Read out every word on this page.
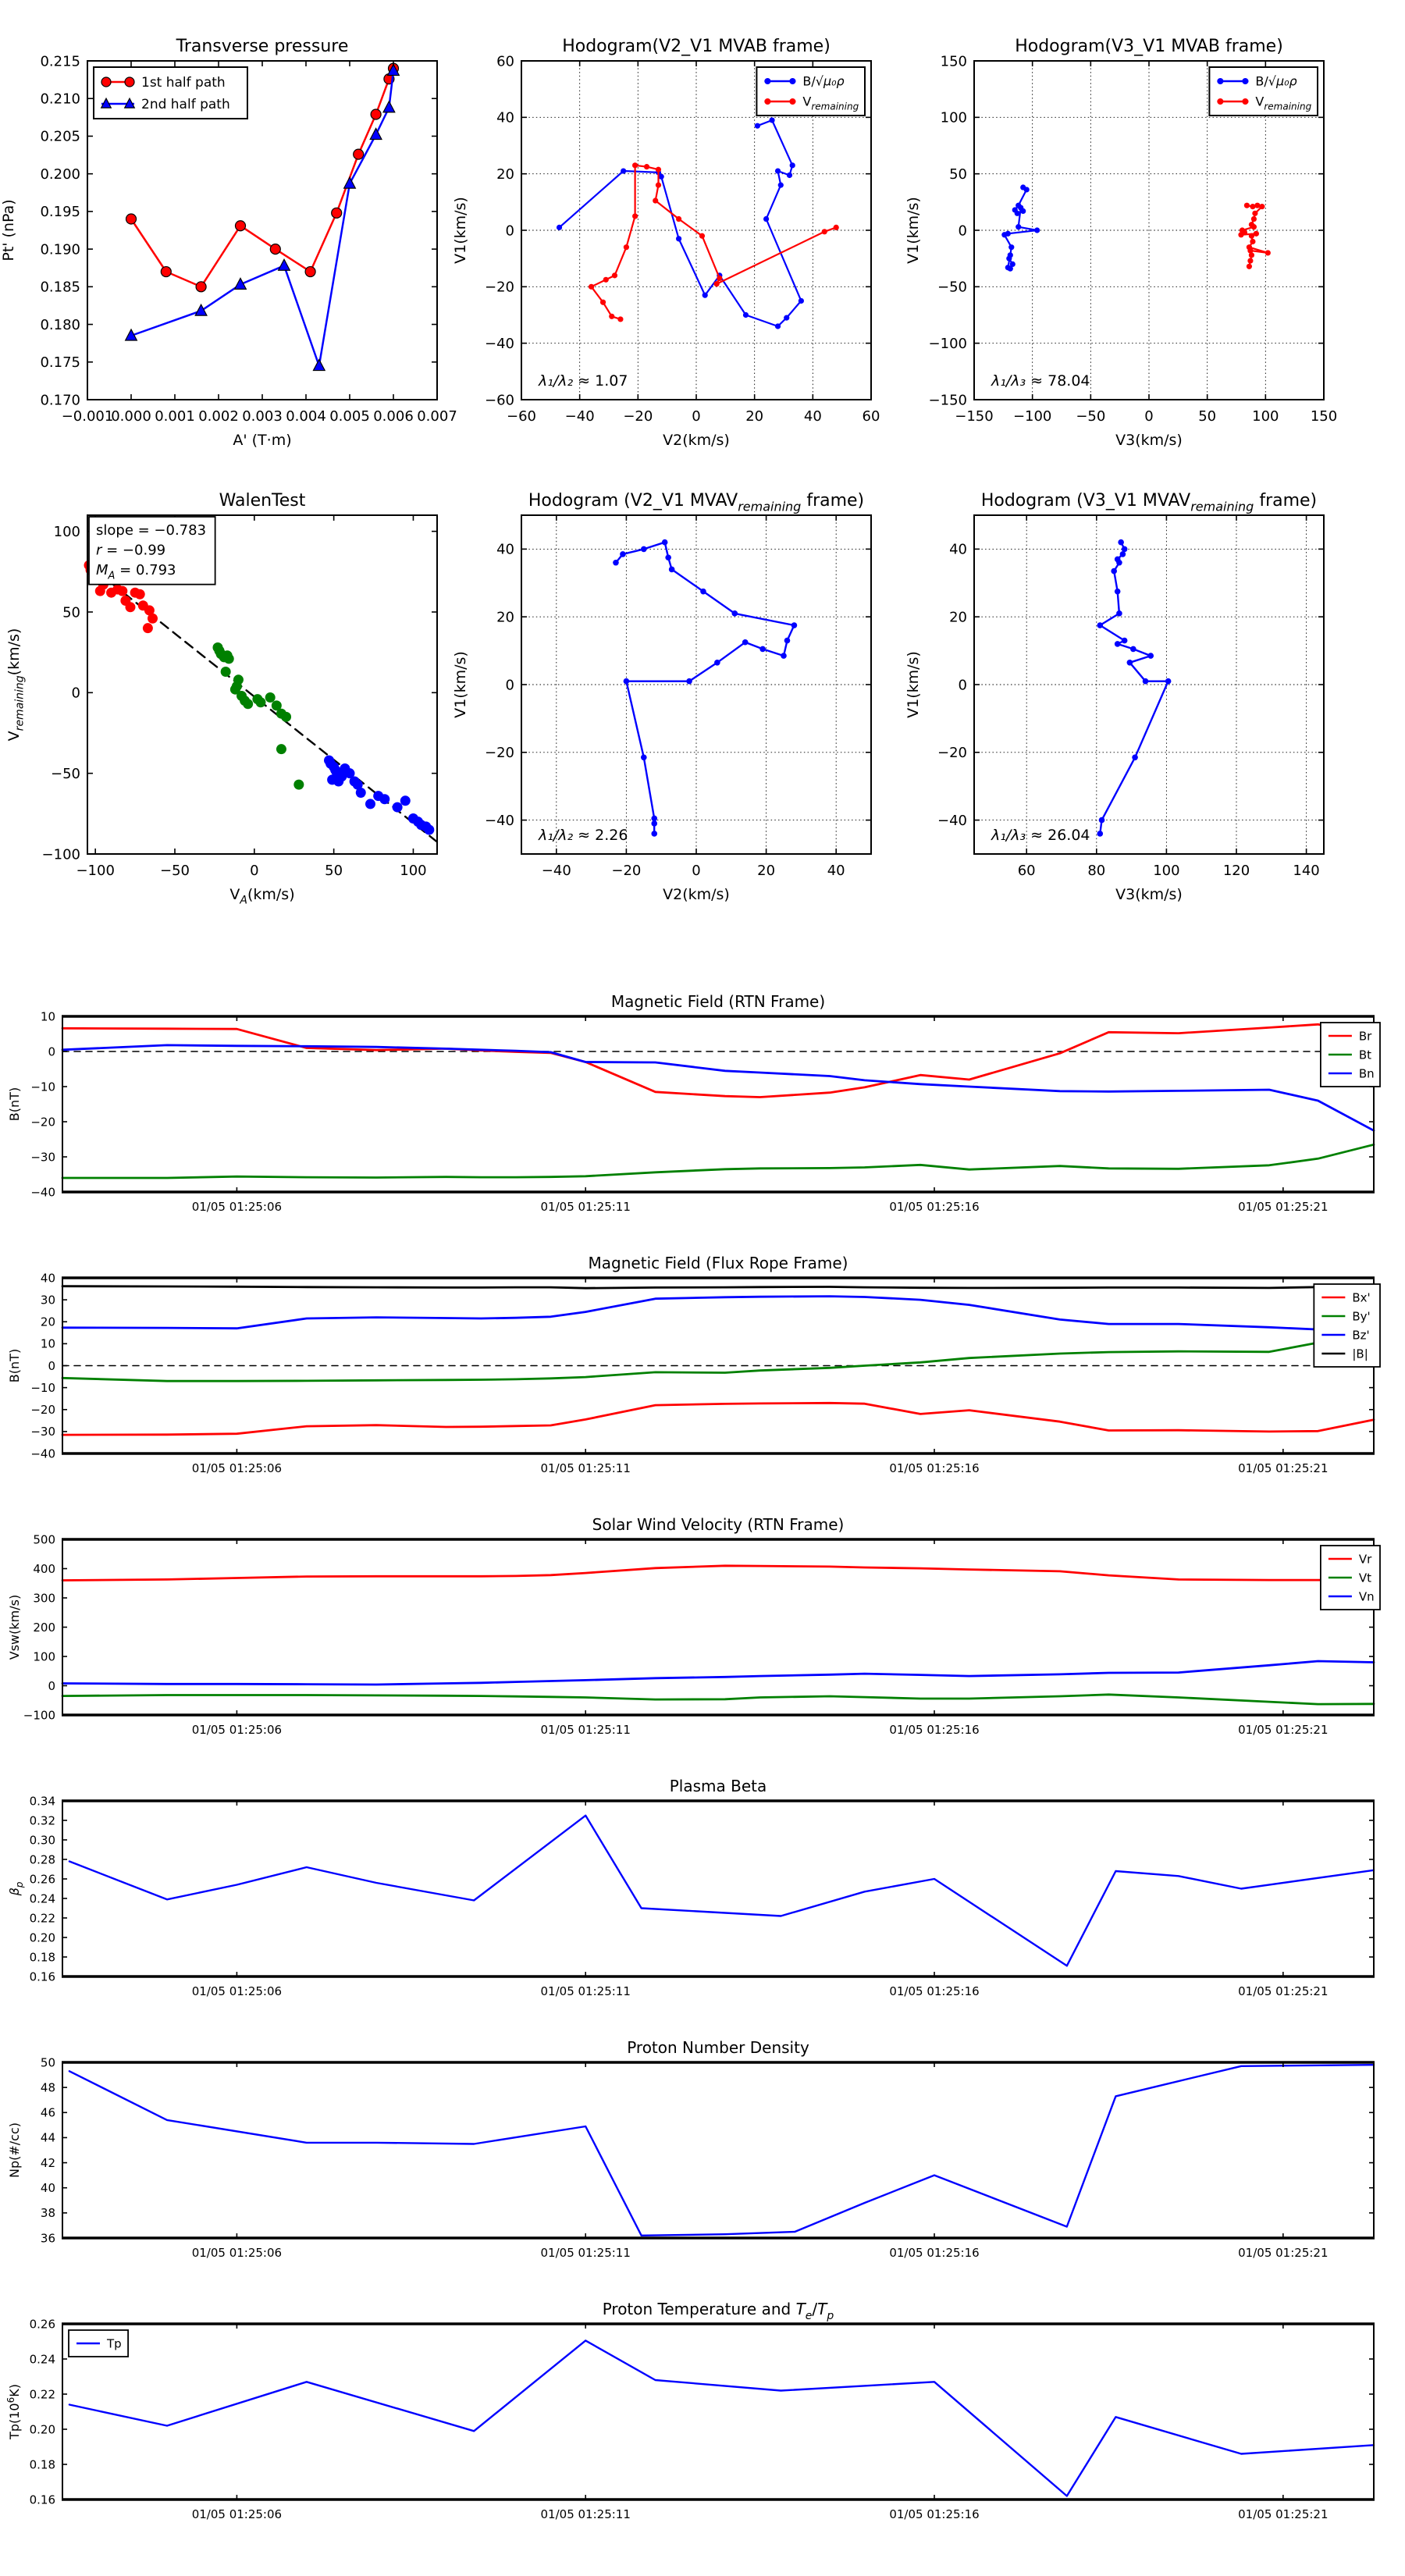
−0.001
0.000 0.001 0.002 0.003 0.004 0.005 0.006 0.007
0.170
0.175
0.180
0.185
0.190
0.195
0.200
0.205
0.210
0.215
Transverse pressure
A' (T·m)
Pt' (nPa)
1st half path
2nd half path
−60 −40 −20	0	20	40	60
−60
−40
−20
0
20
40
60
Hodogram(V2_V1 MVAB frame)
V2(km/s)
V1(km/s)
B/√μ₀ρ
$V_{remaining}$
λ₁/λ₂ ≈ 1.07
−150 −100 −50	0	50	100 150
−150
−100
−50
0
50
100
150
Hodogram(V3_V1 MVAB frame)
V3(km/s)
V1(km/s)
B/√μ₀ρ
$V_{remaining}$
λ₁/λ₃ ≈ 78.04
−100	−50	0	50	100
−100
−50
0
50
100
WalenTest
$V_A(km/s)$
$V_{remaining}(km/s)$
slope = −0.783
r = −0.99
$M_A = 0.793$
−40	−20	0	20	40
−40
−20
0
20
40
Hodogram (V2_V1 $MVAV_{remaining}$ frame)
V2(km/s)
V1(km/s)
λ₁/λ₂ ≈ 2.26
60	80	100	120	140
−40
−20
0
20
40
Hodogram (V3_V1 $MVAV_{remaining}$ frame)
V3(km/s)
V1(km/s)
λ₁/λ₃ ≈ 26.04
01/05 01:25:06	01/05 01:25:11	01/05 01:25:16	01/05 01:25:21
−40
−30
−20
−10
0
10
Magnetic Field (RTN Frame)
B(nT)
Br
Bt
Bn
01/05 01:25:06	01/05 01:25:11	01/05 01:25:16	01/05 01:25:21
−40
−30
−20
−10
0
10
20
30
40
Magnetic Field (Flux Rope Frame)
B(nT)
Bx'
By'
Bz'
|B|
01/05 01:25:06	01/05 01:25:11	01/05 01:25:16	01/05 01:25:21
−100
0
100
200
300
400
500
Solar Wind Velocity (RTN Frame)
Vsw(km/s)
Vr
Vt
Vn
01/05 01:25:06	01/05 01:25:11	01/05 01:25:16	01/05 01:25:21
0.16
0.18
0.20
0.22
0.24
0.26
0.28
0.30
0.32
0.34
Plasma Beta
$\beta_p$
01/05 01:25:06	01/05 01:25:11	01/05 01:25:16	01/05 01:25:21
36
38
40
42
44
46
48
50
Proton Number Density
Np(#/cc)
01/05 01:25:06	01/05 01:25:11	01/05 01:25:16	01/05 01:25:21
0.16
0.18
0.20
0.22
0.24
0.26
Proton Temperature and $T_e/T_p$
$Tp(10^6K)$
Tp
